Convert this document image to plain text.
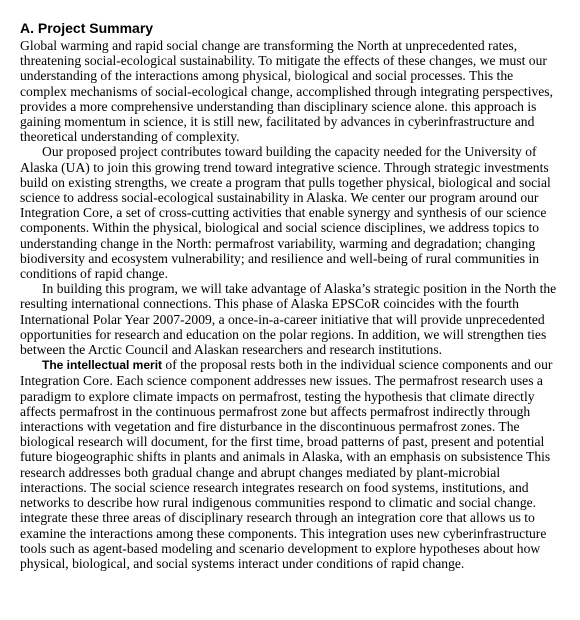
A. Project Summary

Global warming and rapid social change are transforming the North at unprecedented rates, threatening social-ecological sustainability. To mitigate the effects of these changes, we must our understanding of the interactions among physical, biological and social processes. This the complex mechanisms of social-ecological change, accomplished through integrating perspectives, provides a more comprehensive understanding than disciplinary science alone. this approach is gaining momentum in science, it is still new, facilitated by advances in cyberinfrastructure and theoretical understanding of complexity.

Our proposed project contributes toward building the capacity needed for the University of Alaska (UA) to join this growing trend toward integrative science. Through strategic investments build on existing strengths, we create a program that pulls together physical, biological and social science to address social-ecological sustainability in Alaska. We center our program around our Integration Core, a set of cross-cutting activities that enable synergy and synthesis of our science components. Within the physical, biological and social science disciplines, we address topics to understanding change in the North: permafrost variability, warming and degradation; changing biodiversity and ecosystem vulnerability; and resilience and well-being of rural communities in conditions of rapid change.

In building this program, we will take advantage of Alaska’s strategic position in the North the resulting international connections. This phase of Alaska EPSCoR coincides with the fourth International Polar Year 2007-2009, a once-in-a-career initiative that will provide unprecedented opportunities for research and education on the polar regions. In addition, we will strengthen ties between the Arctic Council and Alaskan researchers and research institutions.

The intellectual merit of the proposal rests both in the individual science components and our Integration Core. Each science component addresses new issues. The permafrost research uses a paradigm to explore climate impacts on permafrost, testing the hypothesis that climate directly affects permafrost in the continuous permafrost zone but affects permafrost indirectly through interactions with vegetation and fire disturbance in the discontinuous permafrost zones. The biological research will document, for the first time, broad patterns of past, present and potential future biogeographic shifts in plants and animals in Alaska, with an emphasis on subsistence This research addresses both gradual change and abrupt changes mediated by plant-microbial interactions. The social science research integrates research on food systems, institutions, and networks to describe how rural indigenous communities respond to climatic and social change. integrate these three areas of disciplinary research through an integration core that allows us to examine the interactions among these components. This integration uses new cyberinfrastructure tools such as agent-based modeling and scenario development to explore hypotheses about how physical, biological, and social systems interact under conditions of rapid change.
